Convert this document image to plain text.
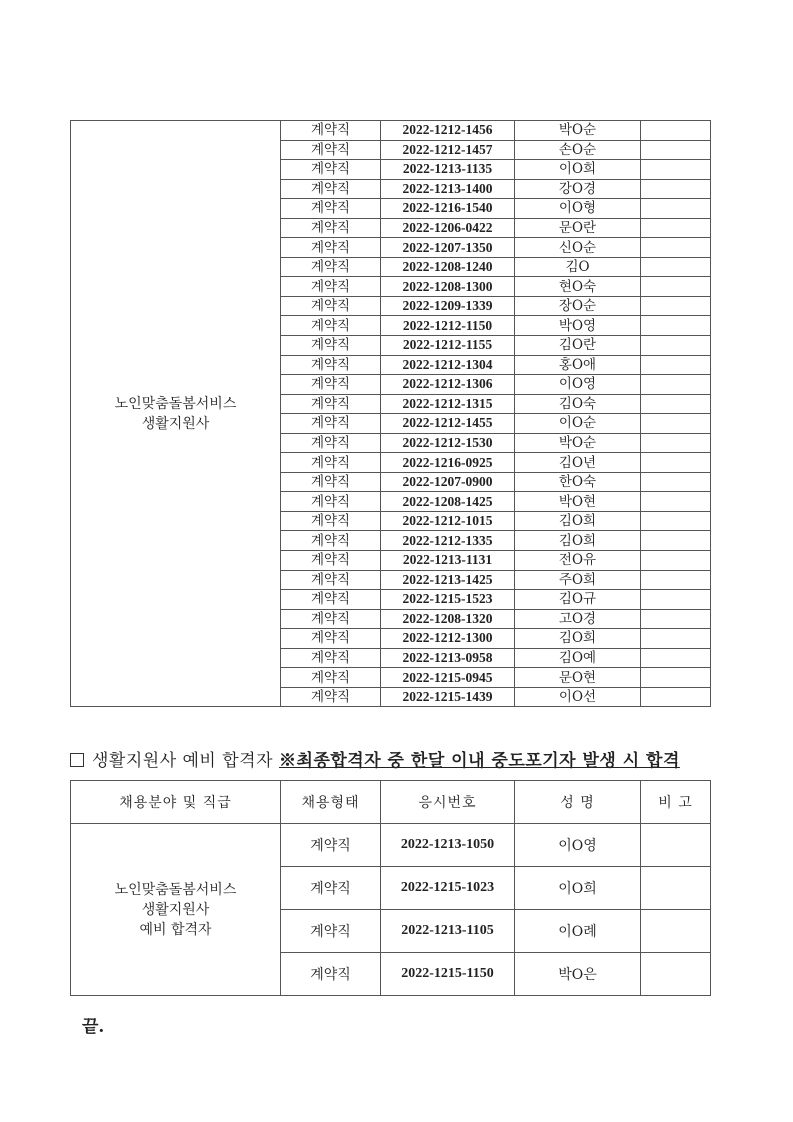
노인맞춤돌봄서비스
생활지원사	계약직	2022-1212-1456	박O순	
	계약직	2022-1212-1457	손O순	
	계약직	2022-1213-1135	이O희	
	계약직	2022-1213-1400	강O경	
	계약직	2022-1216-1540	이O형	
	계약직	2022-1206-0422	문O란	
	계약직	2022-1207-1350	신O순	
	계약직	2022-1208-1240	김O	
	계약직	2022-1208-1300	현O숙	
	계약직	2022-1209-1339	장O순	
	계약직	2022-1212-1150	박O영	
	계약직	2022-1212-1155	김O란	
	계약직	2022-1212-1304	홍O애	
	계약직	2022-1212-1306	이O영	
	계약직	2022-1212-1315	김O숙	
	계약직	2022-1212-1455	이O순	
	계약직	2022-1212-1530	박O순	
	계약직	2022-1216-0925	김O년	
	계약직	2022-1207-0900	한O숙	
	계약직	2022-1208-1425	박O현	
	계약직	2022-1212-1015	김O희	
	계약직	2022-1212-1335	김O희	
	계약직	2022-1213-1131	전O유	
	계약직	2022-1213-1425	주O희	
	계약직	2022-1215-1523	김O규	
	계약직	2022-1208-1320	고O경	
	계약직	2022-1212-1300	김O희	
	계약직	2022-1213-0958	김O예	
	계약직	2022-1215-0945	문O현	
	계약직	2022-1215-1439	이O선	
생활지원사 예비 합격자 ※최종합격자 중 한달 이내 중도포기자 발생 시 합격
채용분야 및 직급	채용형태	응시번호	성 명	비 고
노인맞춤돌봄서비스
생활지원사
예비 합격자	계약직	2022-1213-1050	이O영	
	계약직	2022-1215-1023	이O희	
	계약직	2022-1213-1105	이O례	
	계약직	2022-1215-1150	박O은	
끝.
